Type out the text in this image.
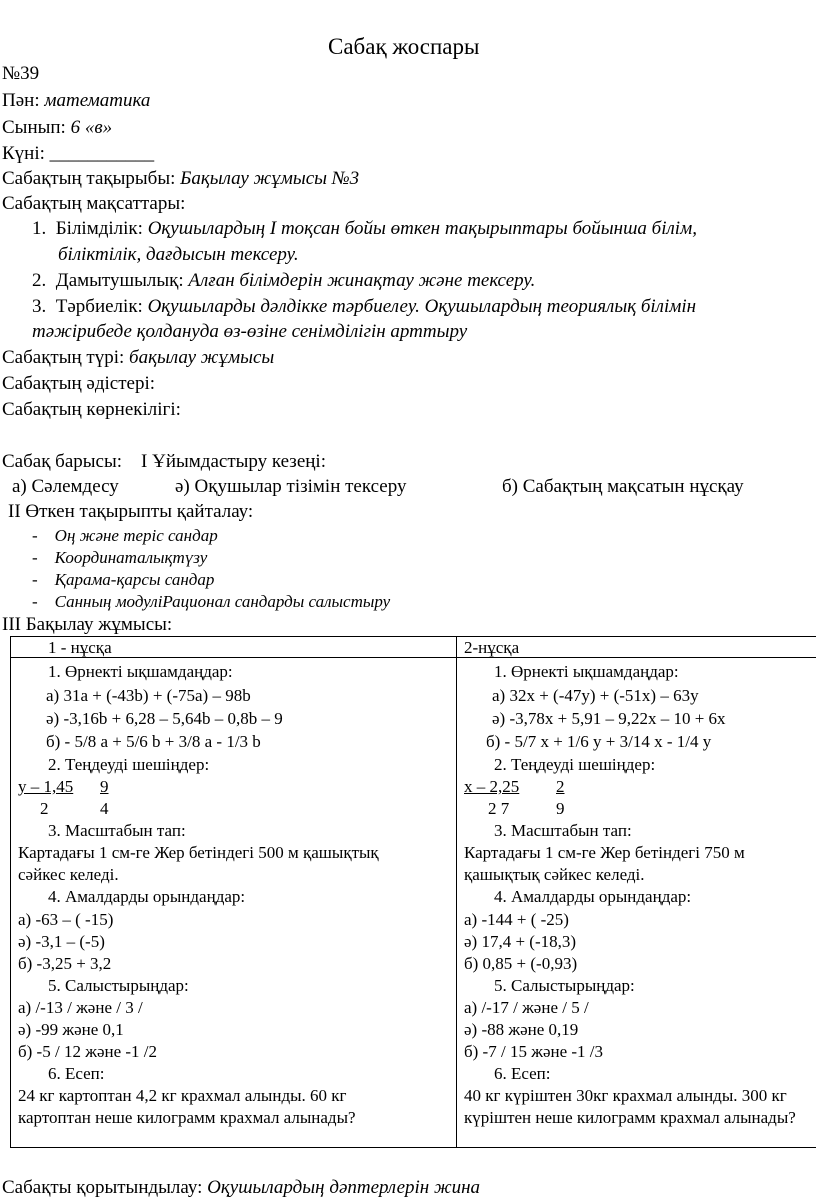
Сабақ жоспары
№39
Пән: математика
Сынып: 6 «в»
Күні: ___________
Сабақтың тақырыбы: Бақылау жұмысы №3
Сабақтың мақсаттары:
1. Білімділік: Оқушылардың I тоқсан бойы өткен тақырыптары бойынша білім,
біліктілік, дағдысын тексеру.
2. Дамытушылық: Алған білімдерін жинақтау және тексеру.
3. Тәрбиелік: Оқушыларды дәлдікке тәрбиелеу. Оқушылардың теориялық білімін
тәжірибеде қолдануда өз-өзіне сенімділігін арттыру
Сабақтың түрі: бақылау жұмысы
Сабақтың әдістері:
Сабақтың көрнекілігі:
Сабақ барысы: I Ұйымдастыру кезеңі:
а) Сәлемдесу	ә) Оқушылар тізімін тексеру	б) Сабақтың мақсатын нұсқау
II Өткен тақырыпты қайталау:
-    Оң және теріс сандар
-    Координаталықтүзу
-    Қарама-қарсы сандар
-    Санның модуліРационал сандарды салыстыру
III Бақылау жұмысы:
1 - нұсқа
1. Өрнекті ықшамдаңдар:
а) 31а + (-43b) + (-75a) – 98b
ә) -3,16b + 6,28 – 5,64b – 0,8b – 9
б) - 5/8 a + 5/6 b + 3/8 a - 1/3 b
2. Теңдеуді шешіңдер:
у – 1,45 9
2	4
3. Масштабын тап:
Картадағы 1 см-ге Жер бетіндегі 500 м қашықтық
сәйкес келеді.
4. Амалдарды орындаңдар:
а) -63 – ( -15)
ә) -3,1 – (-5)
б) -3,25 + 3,2
5. Салыстырыңдар:
а) /-13 / және / 3 /
ә) -99 және 0,1
б) -5 / 12 және -1 /2
6. Есеп:
24 кг картоптан 4,2 кг крахмал алынды. 60 кг
картоптан неше килограмм крахмал алынады?
2-нұсқа
1. Өрнекті ықшамдаңдар:
а) 32x + (-47y) + (-51x) – 63y
ә) -3,78x + 5,91 – 9,22x – 10 + 6x
б) - 5/7 x + 1/6 y + 3/14 x - 1/4 y
2. Теңдеуді шешіңдер:
x – 2,25 2
2 7	9
3. Масштабын тап:
Картадағы 1 см-ге Жер бетіндегі 750 м
қашықтық сәйкес келеді.
4. Амалдарды орындаңдар:
а) -144 + ( -25)
ә) 17,4 + (-18,3)
б) 0,85 + (-0,93)
5. Салыстырыңдар:
а) /-17 / және / 5 /
ә) -88 және 0,19
б) -7 / 15 және -1 /3
6. Есеп:
40 кг күріштен 30кг крахмал алынды. 300 кг
күріштен неше килограмм крахмал алынады?
Сабақты қорытындылау: Оқушылардың дәптерлерін жина
